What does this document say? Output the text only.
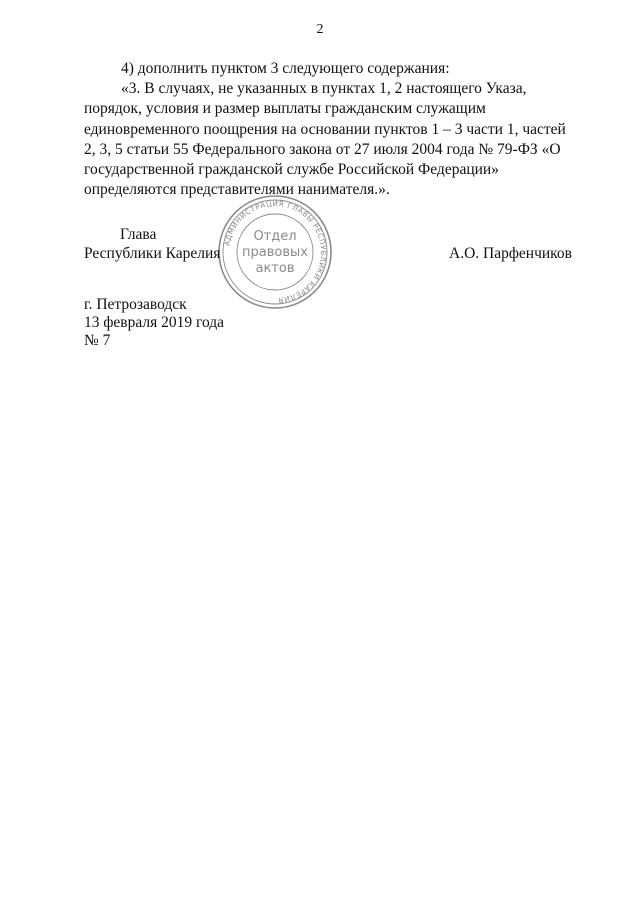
2

4) дополнить пунктом 3 следующего содержания:

«3. В случаях, не указанных в пунктах 1, 2 настоящего Указа, порядок, условия и размер выплаты гражданским служащим единовременного поощрения на основании пунктов 1 – 3 части 1, частей 2, 3, 5 статьи 55 Федерального закона от 27 июля 2004 года № 79-ФЗ «О государственной гражданской службе Российской Федерации» определяются представителями нанимателя.».

АДМИНИСТРАЦИЯ ГЛАВЫ РЕСПУБЛИКИ КАРЕЛИЯ
Отдел
правовых
актов
Глава
Республики Карелия	А.О. Парфенчиков
г. Петрозаводск
13 февраля 2019 года
№ 7
